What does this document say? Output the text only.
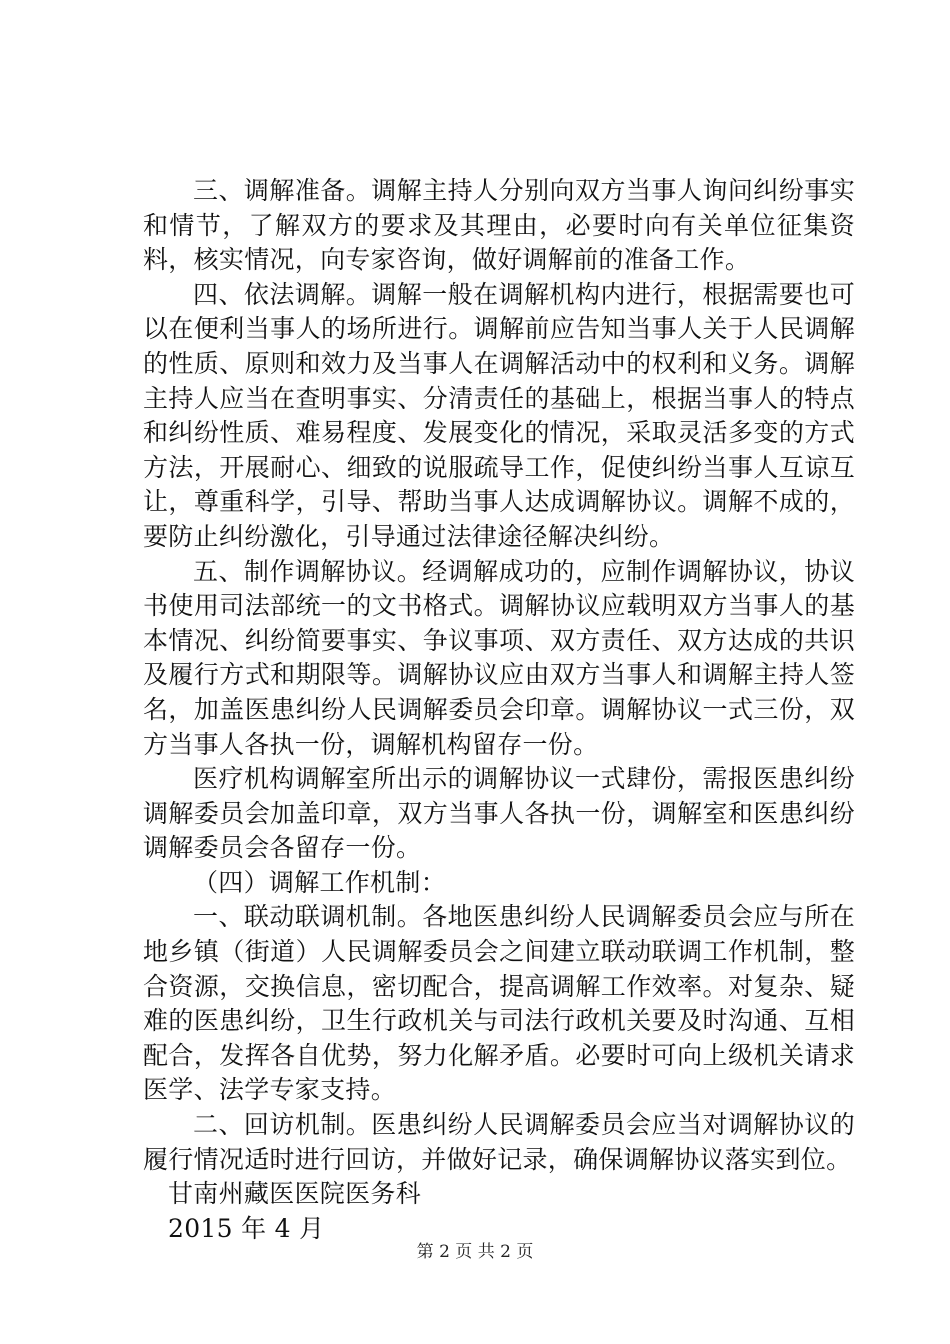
三、调解准备。调解主持人分别向双方当事人询问纠纷事实和情节，了解双方的要求及其理由，必要时向有关单位征集资料，核实情况，向专家咨询，做好调解前的准备工作。

四、依法调解。调解一般在调解机构内进行，根据需要也可以在便利当事人的场所进行。调解前应告知当事人关于人民调解的性质、原则和效力及当事人在调解活动中的权利和义务。调解主持人应当在查明事实、分清责任的基础上，根据当事人的特点和纠纷性质、难易程度、发展变化的情况，采取灵活多变的方式方法，开展耐心、细致的说服疏导工作，促使纠纷当事人互谅互让，尊重科学，引导、帮助当事人达成调解协议。调解不成的，要防止纠纷激化，引导通过法律途径解决纠纷。

五、制作调解协议。经调解成功的，应制作调解协议，协议书使用司法部统一的文书格式。调解协议应载明双方当事人的基本情况、纠纷简要事实、争议事项、双方责任、双方达成的共识及履行方式和期限等。调解协议应由双方当事人和调解主持人签名，加盖医患纠纷人民调解委员会印章。调解协议一式三份，双方当事人各执一份，调解机构留存一份。

医疗机构调解室所出示的调解协议一式肆份，需报医患纠纷调解委员会加盖印章，双方当事人各执一份，调解室和医患纠纷调解委员会各留存一份。

（四）调解工作机制：

一、联动联调机制。各地医患纠纷人民调解委员会应与所在地乡镇（街道）人民调解委员会之间建立联动联调工作机制，整合资源，交换信息，密切配合，提高调解工作效率。对复杂、疑难的医患纠纷，卫生行政机关与司法行政机关要及时沟通、互相配合，发挥各自优势，努力化解矛盾。必要时可向上级机关请求医学、法学专家支持。

二、回访机制。医患纠纷人民调解委员会应当对调解协议的履行情况适时进行回访，并做好记录，确保调解协议落实到位。

甘南州藏医医院医务科

2015 年 4 月

第 2 页 共 2 页
